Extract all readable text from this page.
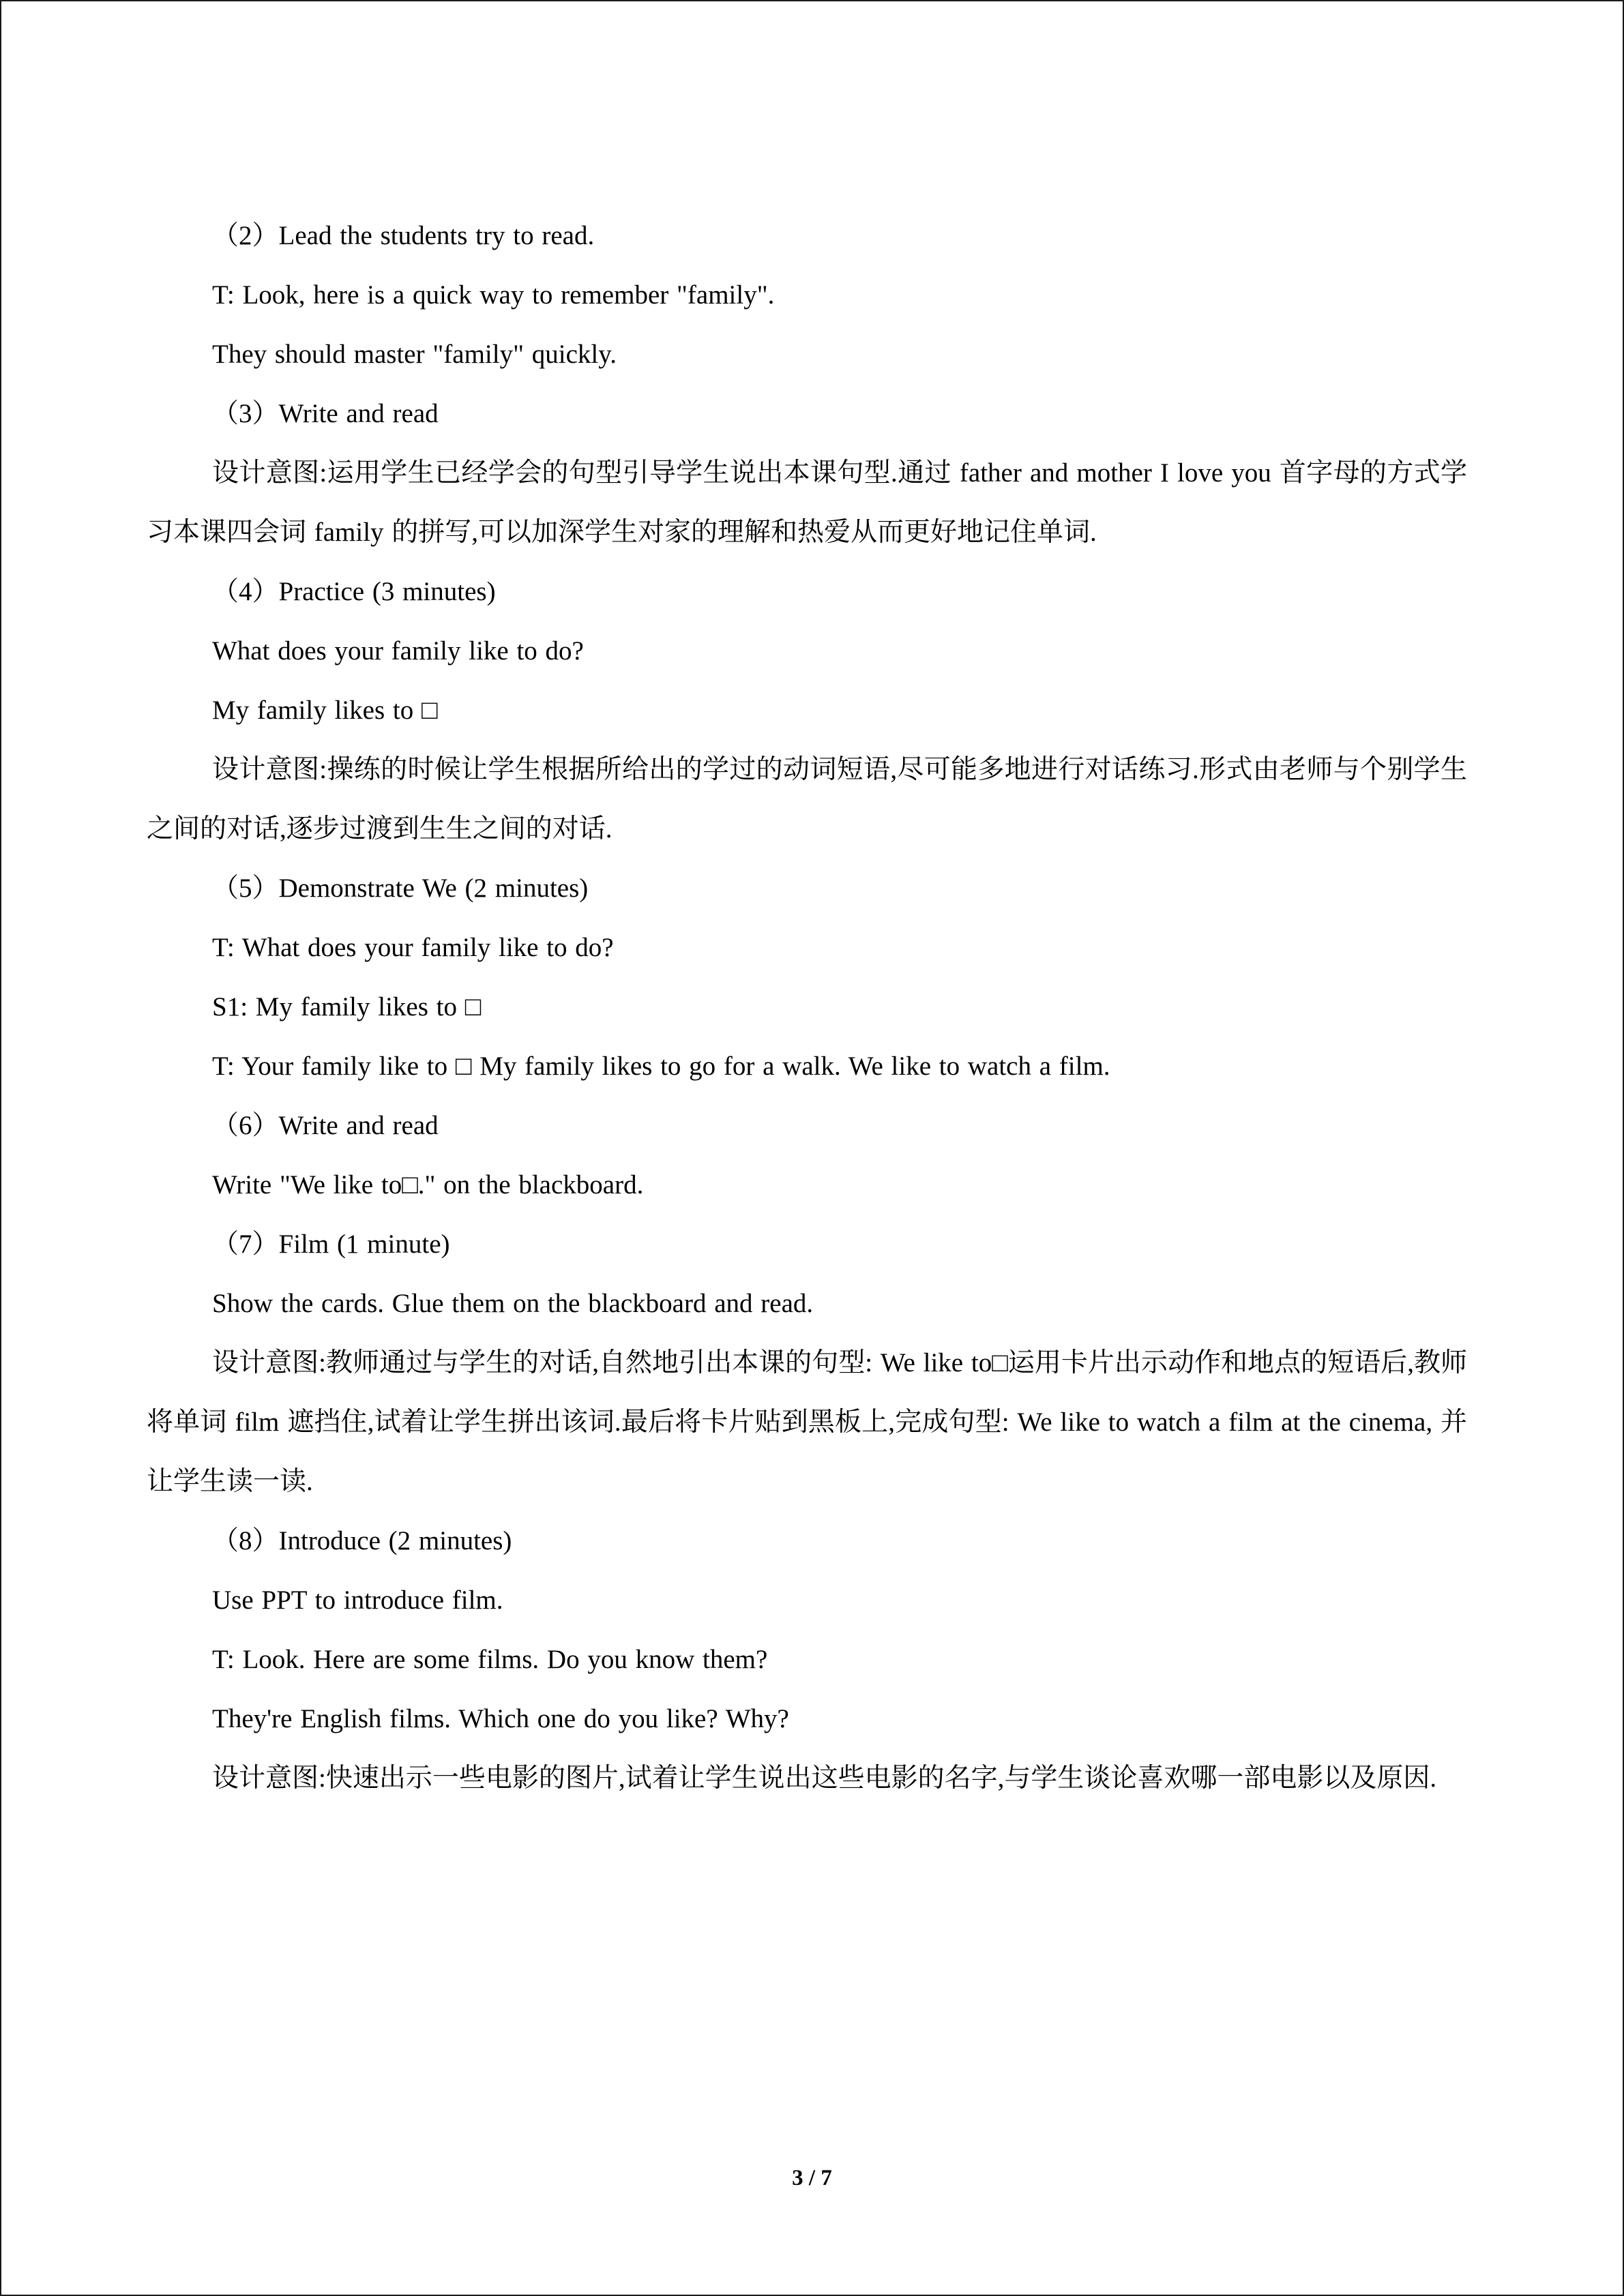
（2）Lead the students try to read.

T: Look, here is a quick way to remember "family".

They should master "family" quickly.

（3）Write and read

设计意图:运用学生已经学会的句型引导学生说出本课句型.通过 father and mother I love you 首字母的方式学习本课四会词 family 的拼写,可以加深学生对家的理解和热爱从而更好地记住单词.

（4）Practice (3 minutes)

What does your family like to do?

My family likes to □

设计意图:操练的时候让学生根据所给出的学过的动词短语,尽可能多地进行对话练习.形式由老师与个别学生之间的对话,逐步过渡到生生之间的对话.

（5）Demonstrate We (2 minutes)

T: What does your family like to do?

S1: My family likes to □

T: Your family like to □ My family likes to go for a walk. We like to watch a film.

（6）Write and read

Write "We like to□." on the blackboard.

（7）Film (1 minute)

Show the cards. Glue them on the blackboard and read.

设计意图:教师通过与学生的对话,自然地引出本课的句型: We like to□运用卡片出示动作和地点的短语后,教师将单词 film 遮挡住,试着让学生拼出该词.最后将卡片贴到黑板上,完成句型: We like to watch a film at the cinema, 并让学生读一读.

（8）Introduce (2 minutes)

Use PPT to introduce film.

T: Look. Here are some films. Do you know them?

They're English films. Which one do you like? Why?

设计意图:快速出示一些电影的图片,试着让学生说出这些电影的名字,与学生谈论喜欢哪一部电影以及原因.

3 / 7
